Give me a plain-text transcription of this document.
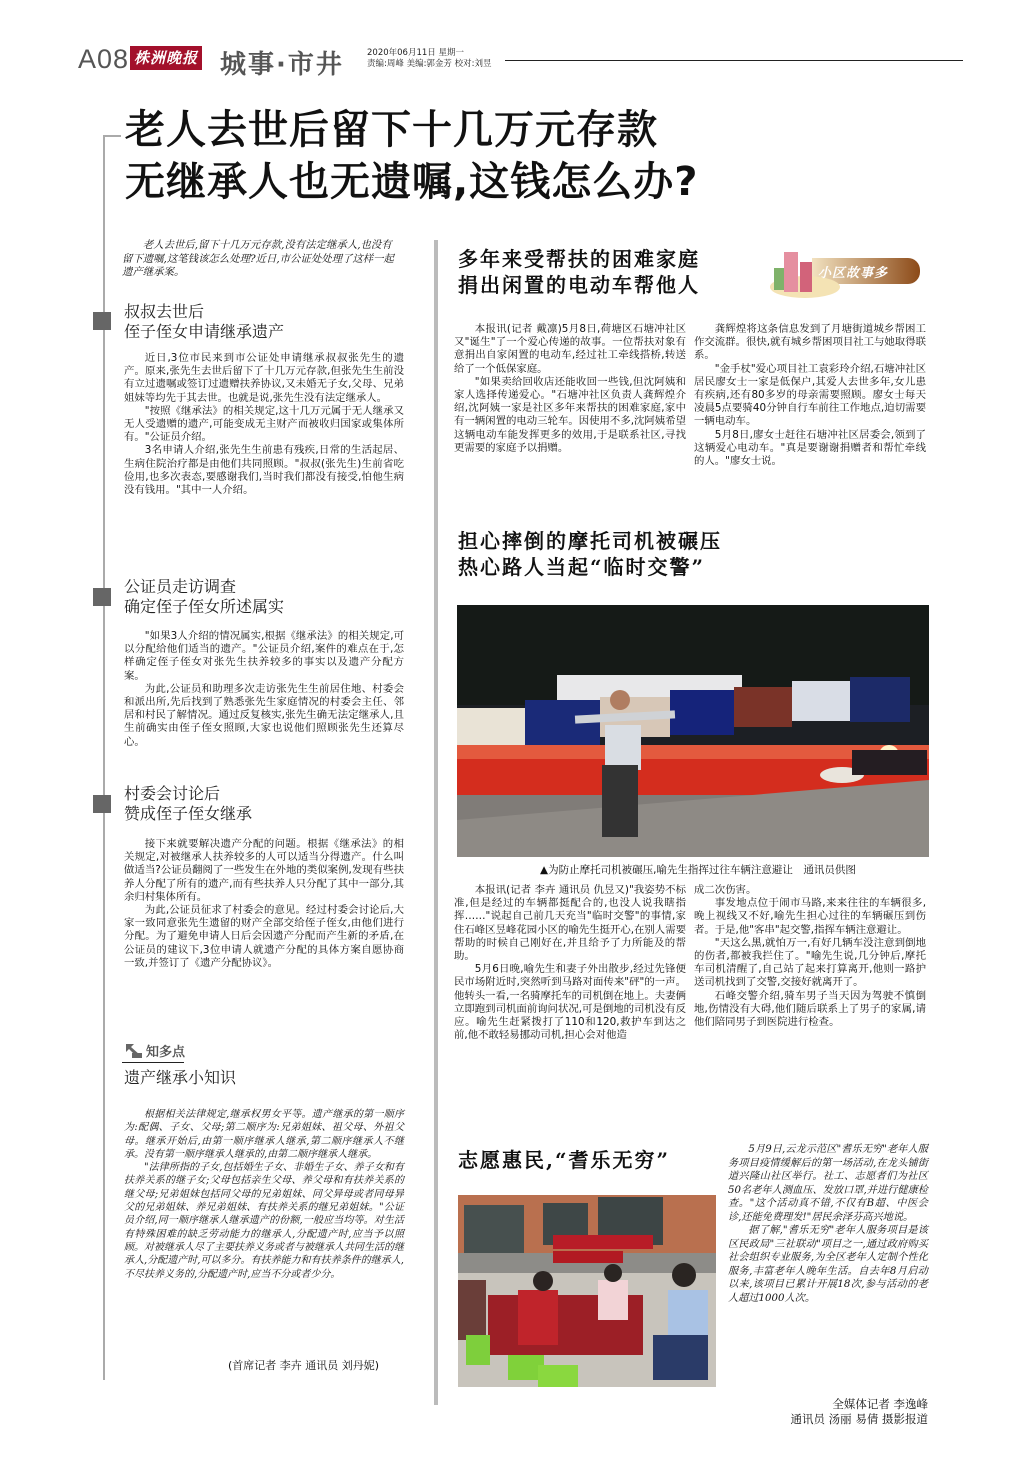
A08 株洲晚报 城事·市井	2020年06月11日 星期一
责编:周峰 美编:郭金芳 校对:刘昱
老人去世后留下十几万元存款
无继承人也无遗嘱,这钱怎么办?
老人去世后,留下十几万元存款,没有法定继承人,也没有留下遗嘱,这笔钱该怎么处理?近日,市公证处处理了这样一起遗产继承案。
叔叔去世后
侄子侄女申请继承遗产

近日,3位市民来到市公证处申请继承叔叔张先生的遗产。原来,张先生去世后留下了十几万元存款,但张先生生前没有立过遗嘱或签订过遗赠扶养协议,又未婚无子女,父母、兄弟姐妹等均先于其去世。也就是说,张先生没有法定继承人。

"按照《继承法》的相关规定,这十几万元属于无人继承又无人受遗赠的遗产,可能变成无主财产而被收归国家或集体所有。"公证员介绍。

3名申请人介绍,张先生生前患有残疾,日常的生活起居、生病住院治疗都是由他们共同照顾。"叔叔(张先生)生前省吃俭用,也多次表态,要感谢我们,当时我们都没有接受,怕他生病没有钱用。"其中一人介绍。

公证员走访调查
确定侄子侄女所述属实

"如果3人介绍的情况属实,根据《继承法》的相关规定,可以分配给他们适当的遗产。"公证员介绍,案件的难点在于,怎样确定侄子侄女对张先生扶养较多的事实以及遗产分配方案。

为此,公证员和助理多次走访张先生生前居住地、村委会和派出所,先后找到了熟悉张先生家庭情况的村委会主任、邻居和村民了解情况。通过反复核实,张先生确无法定继承人,且生前确实由侄子侄女照顾,大家也说他们照顾张先生还算尽心。

村委会讨论后
赞成侄子侄女继承

接下来就要解决遗产分配的问题。根据《继承法》的相关规定,对被继承人扶养较多的人可以适当分得遗产。什么叫做适当?公证员翻阅了一些发生在外地的类似案例,发现有些扶养人分配了所有的遗产,而有些扶养人只分配了其中一部分,其余归村集体所有。

为此,公证员征求了村委会的意见。经过村委会讨论后,大家一致同意张先生遗留的财产全部交给侄子侄女,由他们进行分配。为了避免申请人日后会因遗产分配而产生新的矛盾,在公证员的建议下,3位申请人就遗产分配的具体方案自愿协商一致,并签订了《遗产分配协议》。

知多点
遗产继承小知识

根据相关法律规定,继承权男女平等。遗产继承的第一顺序为:配偶、子女、父母;第二顺序为:兄弟姐妹、祖父母、外祖父母。继承开始后,由第一顺序继承人继承,第二顺序继承人不继承。没有第一顺序继承人继承的,由第二顺序继承人继承。

"法律所指的子女,包括婚生子女、非婚生子女、养子女和有扶养关系的继子女;父母包括亲生父母、养父母和有扶养关系的继父母;兄弟姐妹包括同父母的兄弟姐妹、同父异母或者同母异父的兄弟姐妹、养兄弟姐妹、有扶养关系的继兄弟姐妹。"公证员介绍,同一顺序继承人继承遗产的份额,一般应当均等。对生活有特殊困难的缺乏劳动能力的继承人,分配遗产时,应当予以照顾。对被继承人尽了主要扶养义务或者与被继承人共同生活的继承人,分配遗产时,可以多分。有扶养能力和有扶养条件的继承人,不尽扶养义务的,分配遗产时,应当不分或者少分。

(首席记者 李卉 通讯员 刘丹妮)
多年来受帮扶的困难家庭
捐出闲置的电动车帮他人	小区故事多

本报讯(记者 戴凛)5月8日,荷塘区石塘冲社区又"诞生"了一个爱心传递的故事。一位帮扶对象有意捐出自家闲置的电动车,经过社工牵线搭桥,转送给了一个低保家庭。

"如果卖给回收店还能收回一些钱,但沈阿姨和家人选择传递爱心。"石塘冲社区负责人龚辉煌介绍,沈阿姨一家是社区多年来帮扶的困难家庭,家中有一辆闲置的电动三轮车。因使用不多,沈阿姨希望这辆电动车能发挥更多的效用,于是联系社区,寻找更需要的家庭予以捐赠。

龚辉煌将这条信息发到了月塘街道城乡帮困工作交流群。很快,就有城乡帮困项目社工与她取得联系。

"金手杖"爱心项目社工袁彩玲介绍,石塘冲社区居民廖女士一家是低保户,其爱人去世多年,女儿患有疾病,还有80多岁的母亲需要照顾。廖女士每天凌晨5点要骑40分钟自行车前往工作地点,迫切需要一辆电动车。

5月8日,廖女士赶往石塘冲社区居委会,领到了这辆爱心电动车。"真是要谢谢捐赠者和帮忙牵线的人。"廖女士说。

担心摔倒的摩托司机被碾压
热心路人当起“临时交警”
▲为防止摩托司机被碾压,喻先生指挥过往车辆注意避让　通讯员供图

本报讯(记者 李卉 通讯员 仇昱又)"我姿势不标准,但是经过的车辆都挺配合的,也没人说我瞎指挥……"说起自己前几天充当"临时交警"的事情,家住石峰区昱峰花园小区的喻先生挺开心,在别人需要帮助的时候自己刚好在,并且给予了力所能及的帮助。

5月6日晚,喻先生和妻子外出散步,经过先锋便民市场附近时,突然听到马路对面传来"砰"的一声。他转头一看,一名骑摩托车的司机倒在地上。夫妻俩立即跑到司机面前询问状况,可是倒地的司机没有反应。喻先生赶紧拨打了110和120,救护车到达之前,他不敢轻易挪动司机,担心会对他造

成二次伤害。

事发地点位于闹市马路,来来往往的车辆很多,晚上视线又不好,喻先生担心过往的车辆碾压到伤者。于是,他"客串"起交警,指挥车辆注意避让。

"天这么黑,就怕万一,有好几辆车没注意到倒地的伤者,都被我拦住了。"喻先生说,几分钟后,摩托车司机清醒了,自己站了起来打算离开,他则一路护送司机找到了交警,交接好就离开了。

石峰交警介绍,骑车男子当天因为驾驶不慎倒地,伤情没有大碍,他们随后联系上了男子的家属,请他们陪同男子到医院进行检查。

志愿惠民,“耆乐无穷”	5月9日,云龙示范区"耆乐无穷"老年人服务项目疫情缓解后的第一场活动,在龙头铺街道兴隆山社区举行。社工、志愿者们为社区50名老年人测血压、发放口罩,并进行健康检查。"这个活动真不错,不仅有B超、中医会诊,还能免费理发!"居民余泽芬高兴地说。

据了解,"耆乐无穷"老年人服务项目是该区民政局"三社联动"项目之一,通过政府购买社会组织专业服务,为全区老年人定制个性化服务,丰富老年人晚年生活。自去年8月启动以来,该项目已累计开展18次,参与活动的老人超过1000人次。

全媒体记者 李逸峰
通讯员 汤丽 易倩 摄影报道
